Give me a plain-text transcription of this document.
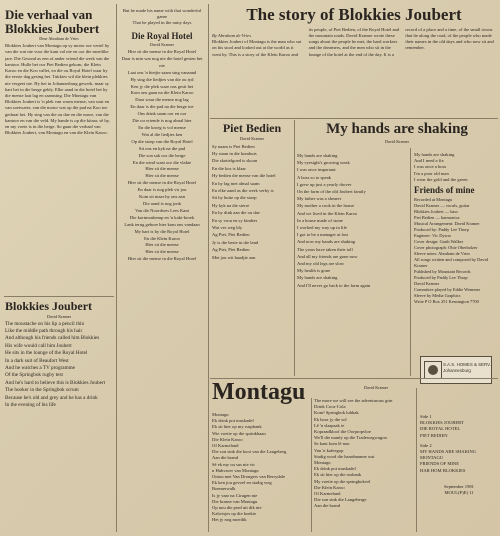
Die verhaal van Blokkies Joubert
Deur Abraham de Vries
Blokkies Joubert van Montagu op sy motor oor vertel hy van die wat nie voor die kant val nie en oor die moeilike jare. Die Gesond as een of ander vriend die werk van die kantoor. Hulle het oor Piet Bedien gekom, die Klein Karoo en die Koo vallei, en die ou Royal Hotel waar hy die eerste dag gesing het. Tukkies wil die klein plekkies nie vergeet nie. Hy het in Johannesburg gewerk, maar sy hart het in die berge gebly. Elke aand in die hotel het hy die mense laat lag en saamsing. Die Montagu van Blokkies Joubert is 'n plek van warm mense, van sout en van soetwater, van die motor wat op die pad na Koo toe gedraai het. Hy sing van die ou dae en die nuwe, van die kantoor en van die veld. My hande is op die kitaar, sê hy, en my voete is in die berge. So gaan die verhaal van Blokkies Joubert, van Montagu en van die Klein Karoo.
Blokkies Joubert
David Kramer
The moustache on his lip a pencil thin
Like the middle path through his hair
And although his friends called him Blokkies
His wife would call him Joubert
He sits in the lounge of the Royal Hotel
In a dark suit of Beaufort West
And he watches a TV programme
Of the Springbok rugby test
And he's hard to believe this is Blokkies Joubert
The hooker in the Springbok scrum
Because he's old and grey and he has a drink
In the evening of his life
But he made his name with that wonderful game
That he played in the rainy days
Die Royal Hotel
David Kramer
Hier sit die mense in die Royal Hotel
Daar is min wat nog nie die hotel gesien het nie
Laat ons 'n bietjie saam sing vanaand
Hy sing die liedjies van die ou tyd
Ken jy die plek waar ons gesit het
Kom ons gaan na die Klein Karoo
Daar waar die mense nog lag
En daar is die pad na die berge toe
Ons drink saam oor en oor
Die ou vriende is nog almal hier
En die kroeg is vol mense
Wat al die liedjies ken
Op die stoep van die Royal Hotel
Sit ons en kyk na die pad
Die son sak oor die berge
En die wind waai oor die vlakte
Hier sit die mense
Hier sit die mense
Hier sit die mense in die Royal Hotel
En daar is nog plek vir jou
Kom sit maar by ons aan
Die aand is nog jonk
Van die Noordwes Lees Kant
Die kortmouhemp en 'n kaki-broek
Lank terug gebore hier kom ons vandaan
My hart is by die Royal Hotel
En die Klein Karoo
Hier sit die mense
Hier sit die mense
Hier sit die mense in die Royal Hotel
The story of Blokkies Joubert

By Abraham de Vries
Blokkies Joubert of Montagu is the man who sat on his stool and looked out at the world as it went by. This is a story of the Klein Karoo and its people, of Piet Bedien, of the Royal Hotel and the mountain roads. David Kramer wrote these songs about the people he met, the hard workers and the dreamers, and the men who sit in the lounge of the hotel at the end of the day. It is a record of a place and a time, of the small towns that lie along the road, of the people who made their names in the old days and who now sit and remember.

Piet Bedien
David Kramer
Sy naam is Piet Bedien
Hy staan in die kombuis
Die skottelgoed is skoon
En die kos is klaar
Hy bedien die mense van die hotel
En hy lag met almal saam
En elke aand as die werk verby is
Sit hy buite op die stoep
Hy kyk na die sterre
En hy dink aan die ou dae
En sy vrou en sy kinders
Wat ver weg bly
Ag Piet, Piet Bedien
Jy is die beste in die land
Ag Piet, Piet Bedien
Met jou wit baadjie aan
My hands are shaking
David Kramer
My hands are shaking
My eyesight's growing weak
I was once important
A boss so to speak
I grew up just a yearly drover
On the farm of the old Joubert family
My father was a shearer
My mother a cook in the house
And we lived in the Klein Karoo
In a house made of stone
I worked my way up in life
I got to be a manager at last
And now my hands are shaking
The years have taken their toll
And all my friends are gone now
And my old legs are slow
My health is gone
My hands are shaking
And I'll never go back to the farm again
My hands are shaking
And I need a fix
I was once a boss
I'm a poor old man
I wear the gold and the green
Friends of mine
Recorded at Montagu
David Kramer — vocals, guitar
Blokkies Joubert — bass
Piet Bedien — harmonica
Musical Arrangement: David Kramer
Produced by: Paddy Lee Thorp
Engineer: Vic Dyson
Cover design: Garth Walker
Cover photograph: Obie Oberholzer
Sleeve notes: Abraham de Vries
All songs written and composed by David Kramer
Published by Mountain Records
Produced by Paddy Lee Thorp
David Kramer
Committee played by Eddie Wemmer
Sleeve by Media Graphics
Write P O Box 251 Kensington 7700
S.A.S. HOMES & SERV.
Johannesburg
Montagu	David Kramer
Montagu
Ek drink pot muskadel
Ek sit hier op my ruspbank
Wie voetie op die sprinkbaan
Die Klein Karoo
Of Karmeland
Die son sink die kooi van die Langeberg
Aan die brand
Sê ek my ou sus nie vir
n Hubvroer van Montagu
Ontou met Van Drongers van Berrydale
Ek ken jou gevoel en stadig weg
Boemerwalk
Is jy vaar na Cirugen nie
Die kranse van Montagu
Op nou die perd uit dik nie
Kalwisjes op die boekie
Het jy nog moeilik
The more we will see the adventurous grin
Drink Coca-Cola
Kom! Springbok lubbak
Ek hoor jy die sol
Lê 'n slaapsak ie
Kopraadkloof die Oorpropvloe
We'll die manly op die Tradewegwagon
Se kant kom lê nou
Van 'n kafeegop
Stadig word die baardmanne wat
Montagu
Ek drink pot muskadel
Ek sit hier op die rusbank
My voetie op die springbokvel
Die Klein Karoo
Of Karmeland
Die son sink die Langeberge
Aan die brand
Side 1
BLOKKIES JOUBERT
DIE ROYAL HOTEL
PIET BEDIEN
Side 2
MY HANDS ARE SHAKING
MONTAGU
FRIENDS OF MINE
HAR HOM BLOKKIES
September 1981
MOUL(P)E) 11
